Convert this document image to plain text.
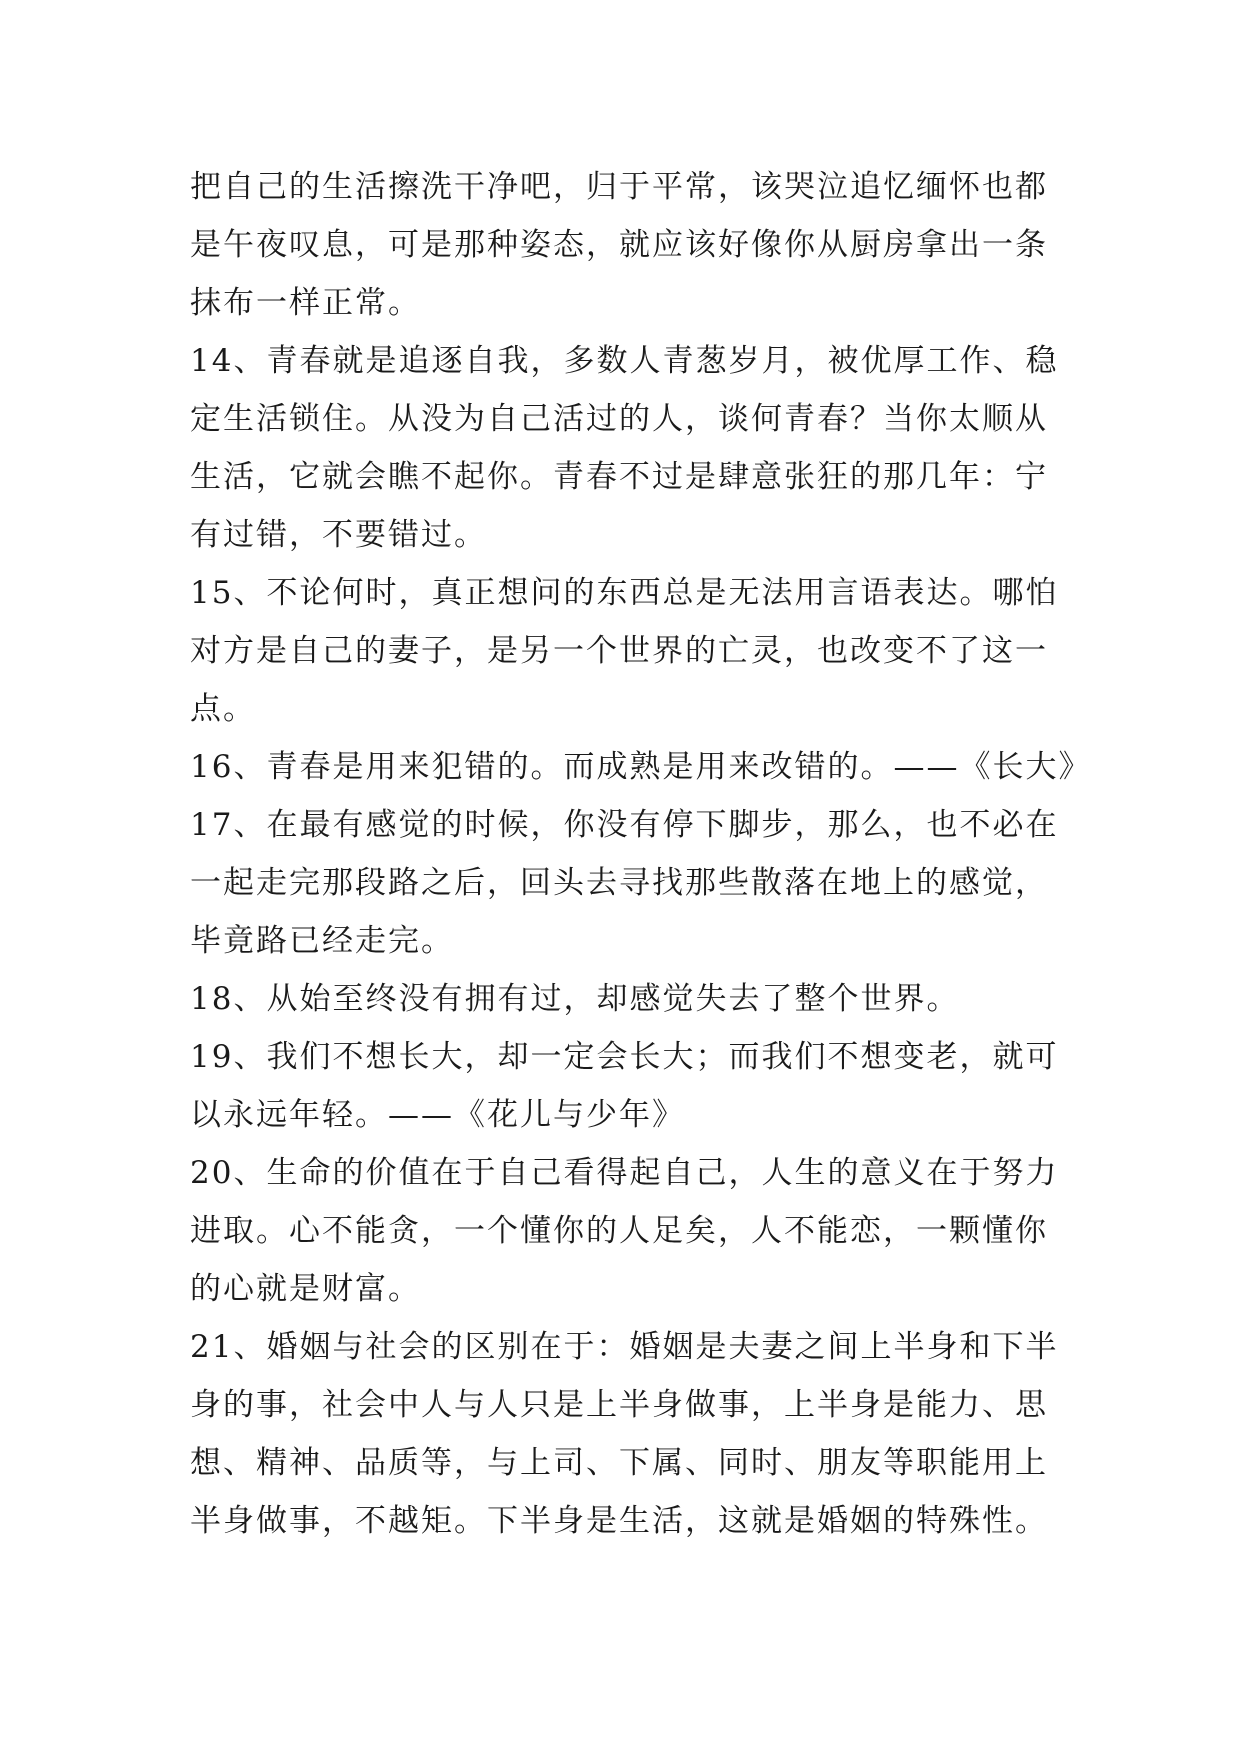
把自己的生活擦洗干净吧，归于平常，该哭泣追忆缅怀也都

是午夜叹息，可是那种姿态，就应该好像你从厨房拿出一条

抹布一样正常。

14、青春就是追逐自我，多数人青葱岁月，被优厚工作、稳

定生活锁住。从没为自己活过的人，谈何青春？当你太顺从

生活，它就会瞧不起你。青春不过是肆意张狂的那几年：宁

有过错，不要错过。

15、不论何时，真正想问的东西总是无法用言语表达。哪怕

对方是自己的妻子，是另一个世界的亡灵，也改变不了这一

点。

16、青春是用来犯错的。而成熟是用来改错的。——《长大》

17、在最有感觉的时候，你没有停下脚步，那么，也不必在

一起走完那段路之后，回头去寻找那些散落在地上的感觉，

毕竟路已经走完。

18、从始至终没有拥有过，却感觉失去了整个世界。

19、我们不想长大，却一定会长大；而我们不想变老，就可

以永远年轻。——《花儿与少年》

20、生命的价值在于自己看得起自己，人生的意义在于努力

进取。心不能贪，一个懂你的人足矣，人不能恋，一颗懂你

的心就是财富。

21、婚姻与社会的区别在于：婚姻是夫妻之间上半身和下半

身的事，社会中人与人只是上半身做事，上半身是能力、思

想、精神、品质等，与上司、下属、同时、朋友等职能用上

半身做事，不越矩。下半身是生活，这就是婚姻的特殊性。
